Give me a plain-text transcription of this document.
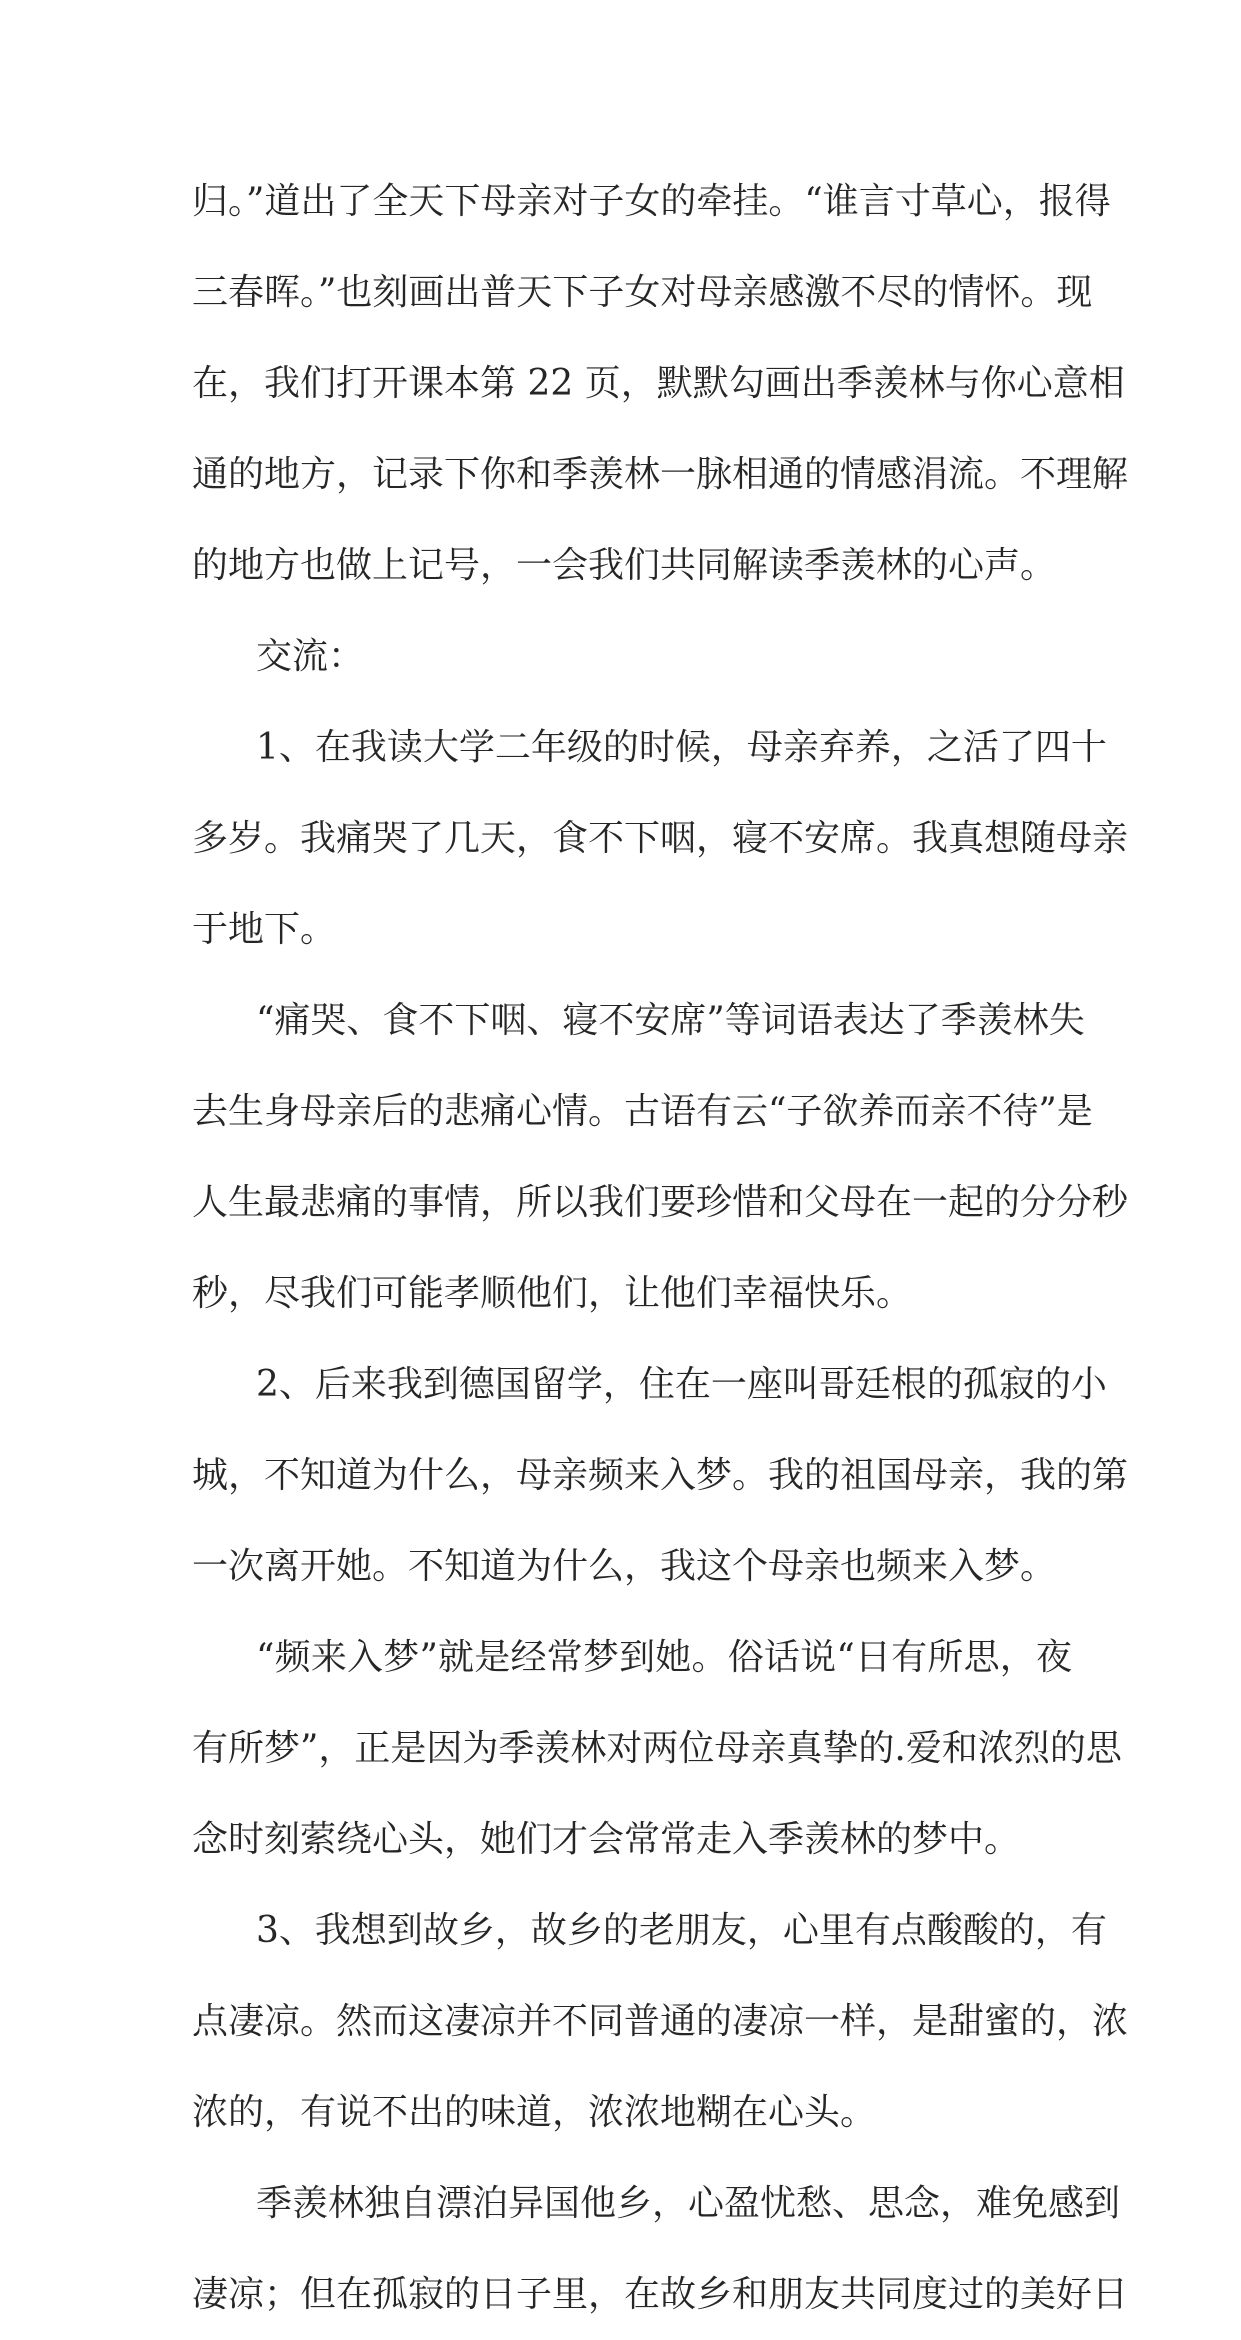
归。”道出了全天下母亲对子女的牵挂。“谁言寸草心，报得
三春晖。”也刻画出普天下子女对母亲感激不尽的情怀。现
在，我们打开课本第 22 页，默默勾画出季羡林与你心意相
通的地方，记录下你和季羡林一脉相通的情感涓流。不理解
的地方也做上记号，一会我们共同解读季羡林的心声。
交流：
1、在我读大学二年级的时候，母亲弃养，之活了四十
多岁。我痛哭了几天，食不下咽，寝不安席。我真想随母亲
于地下。
“痛哭、食不下咽、寝不安席”等词语表达了季羡林失
去生身母亲后的悲痛心情。古语有云“子欲养而亲不待”是
人生最悲痛的事情，所以我们要珍惜和父母在一起的分分秒
秒，尽我们可能孝顺他们，让他们幸福快乐。
2、后来我到德国留学，住在一座叫哥廷根的孤寂的小
城，不知道为什么，母亲频来入梦。我的祖国母亲，我的第
一次离开她。不知道为什么，我这个母亲也频来入梦。
“频来入梦”就是经常梦到她。俗话说“日有所思，夜
有所梦”，正是因为季羡林对两位母亲真挚的.爱和浓烈的思
念时刻萦绕心头，她们才会常常走入季羡林的梦中。
3、我想到故乡，故乡的老朋友，心里有点酸酸的，有
点凄凉。然而这凄凉并不同普通的凄凉一样，是甜蜜的，浓
浓的，有说不出的味道，浓浓地糊在心头。
季羡林独自漂泊异国他乡，心盈忧愁、思念，难免感到
凄凉；但在孤寂的日子里，在故乡和朋友共同度过的美好日
